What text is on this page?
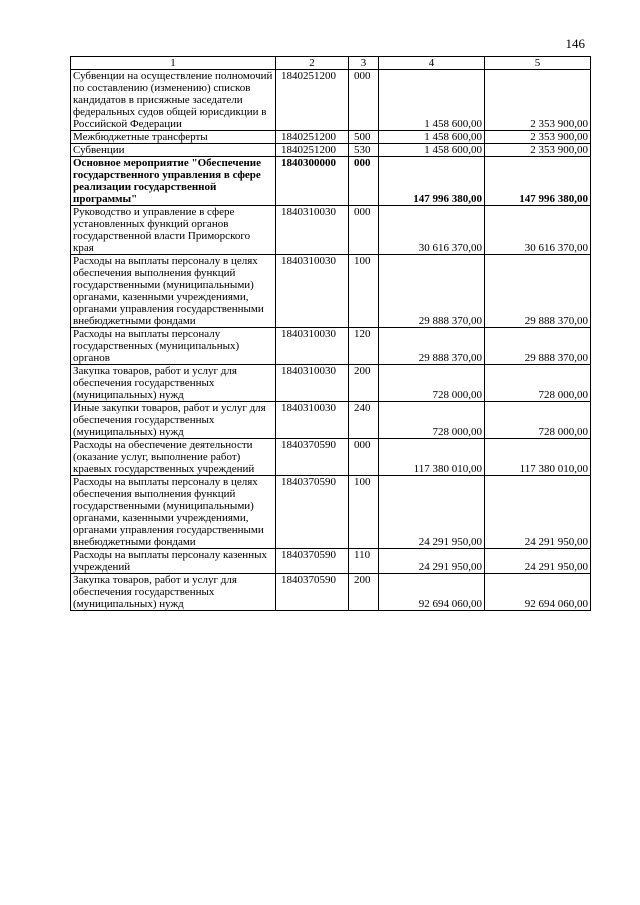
146
1	2	3	4	5
Субвенции на осуществление полномочий по составлению (изменению) списков кандидатов в присяжные заседатели федеральных судов общей юрисдикции в Российской Федерации	1840251200	000	1 458 600,00	2 353 900,00
Межбюджетные трансферты	1840251200	500	1 458 600,00	2 353 900,00
Субвенции	1840251200	530	1 458 600,00	2 353 900,00
Основное мероприятие "Обеспечение государственного управления в сфере реализации государственной программы"	1840300000	000	147 996 380,00	147 996 380,00
Руководство и управление в сфере установленных функций органов государственной власти Приморского края	1840310030	000	30 616 370,00	30 616 370,00
Расходы на выплаты персоналу в целях обеспечения выполнения функций государственными (муниципальными) органами, казенными учреждениями, органами управления государственными внебюджетными фондами	1840310030	100	29 888 370,00	29 888 370,00
Расходы на выплаты персоналу государственных (муниципальных) органов	1840310030	120	29 888 370,00	29 888 370,00
Закупка товаров, работ и услуг для обеспечения государственных (муниципальных) нужд	1840310030	200	728 000,00	728 000,00
Иные закупки товаров, работ и услуг для обеспечения государственных (муниципальных) нужд	1840310030	240	728 000,00	728 000,00
Расходы на обеспечение деятельности (оказание услуг, выполнение работ) краевых государственных учреждений	1840370590	000	117 380 010,00	117 380 010,00
Расходы на выплаты персоналу в целях обеспечения выполнения функций государственными (муниципальными) органами, казенными учреждениями, органами управления государственными внебюджетными фондами	1840370590	100	24 291 950,00	24 291 950,00
Расходы на выплаты персоналу казенных учреждений	1840370590	110	24 291 950,00	24 291 950,00
Закупка товаров, работ и услуг для обеспечения государственных (муниципальных) нужд	1840370590	200	92 694 060,00	92 694 060,00
